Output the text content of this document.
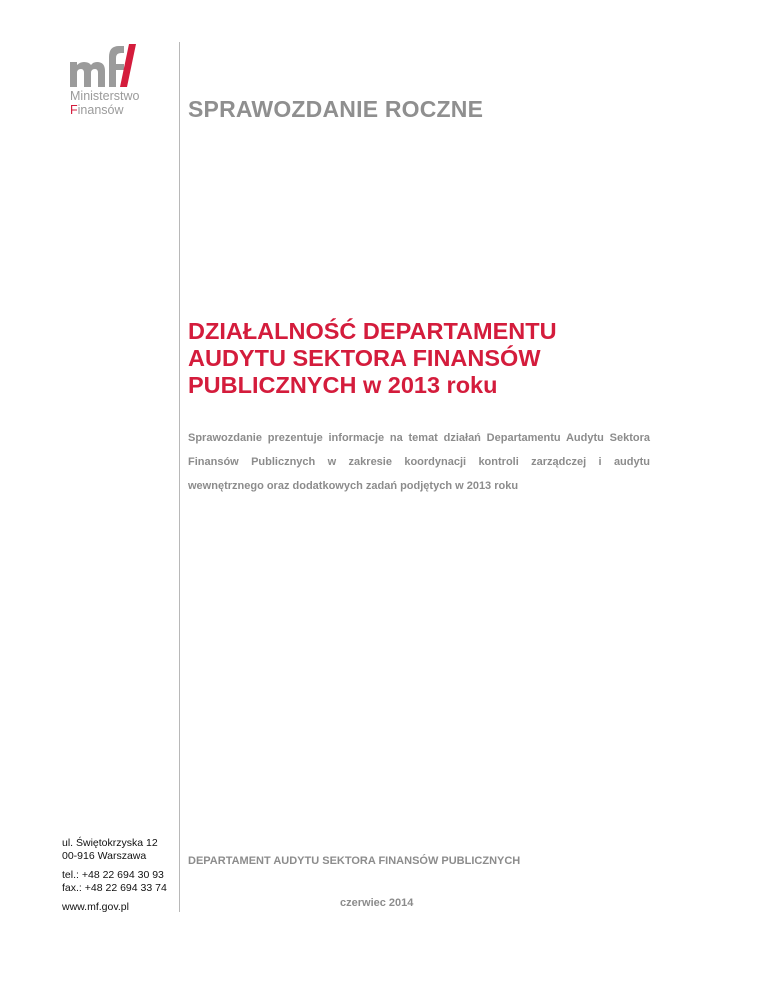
Ministerstwo
Finansów	SPRAWOZDANIE ROCZNE
DZIAŁALNOŚĆ DEPARTAMENTU
AUDYTU SEKTORA FINANSÓW
PUBLICZNYCH w 2013 roku
Sprawozdanie prezentuje informacje na temat działań Departamentu Audytu Sektora Finansów Publicznych w zakresie koordynacji kontroli zarządczej i audytu wewnętrznego oraz dodatkowych zadań podjętych w 2013 roku
ul. Świętokrzyska 12
00-916 Warszawa
tel.: +48 22 694 30 93
fax.: +48 22 694 33 74
www.mf.gov.pl
DEPARTAMENT AUDYTU SEKTORA FINANSÓW PUBLICZNYCH
czerwiec 2014
